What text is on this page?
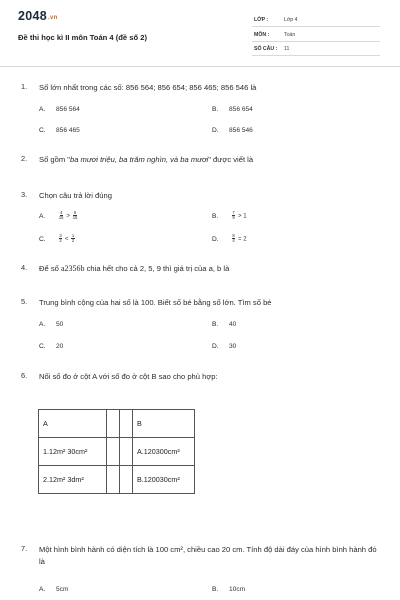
2048.vn
Đề thi học kì II môn Toán 4 (đề số 2)
LỚP :	Lớp 4
MÔN :	Toán
SỐ CÂU : 11
1. Số lớn nhất trong các số: 856 564; 856 654; 856 465; 856 546 là
A. 856 564	B. 856 654
C. 856 465	D. 856 546
2. Số gồm "ba mươi triệu, ba trăm nghìn, và ba mươi" được viết là
3. Chọn câu trả lời đúng
A.	$\frac{4}{15} > \frac{6}{15}$	B.	$\frac{7}{9} > 1$
C.	$\frac{3}{2} < \frac{1}{2}$	D.	$\frac{8}{4} = 2$
4. Để số a2356b chia hết cho cả 2, 5, 9 thì giá trị của a, b là
5. Trung bình cộng của hai số là 100. Biết số bé bằng số lớn. Tìm số bé
A. 50	B. 40
C. 20	D. 30
6. Nối số đo ở cột A với số đo ở cột B sao cho phù hợp:
A			B
1.12m² 30cm²			A.120300cm²
2.12m² 3dm²			B.120030cm²
7. Một hình bình hành có diện tích là 100 cm², chiều cao 20 cm. Tính độ dài đáy của hình bình hành đó là
A. 5cm	B. 10cm
